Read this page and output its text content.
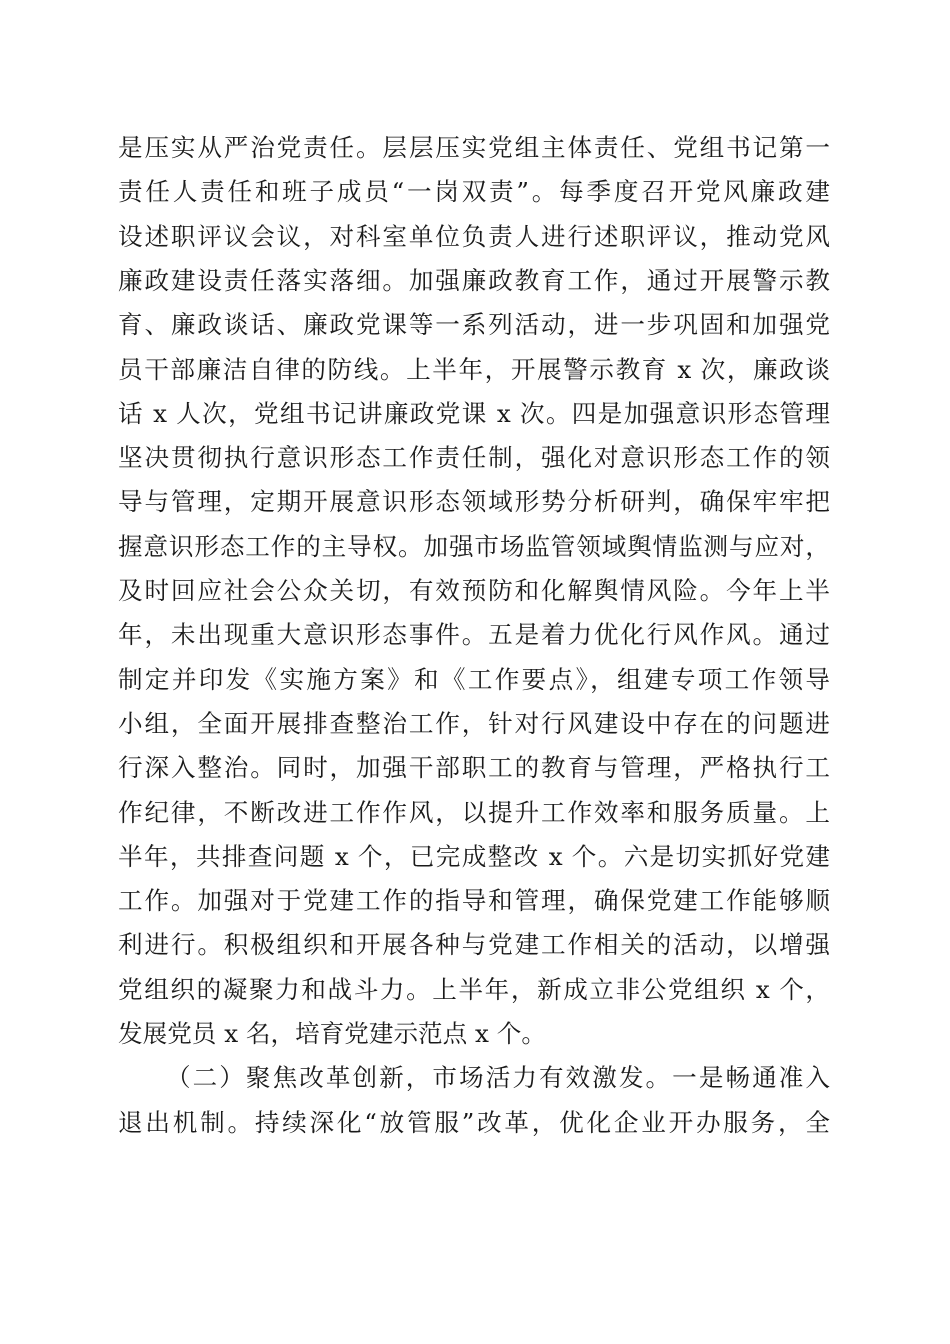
是压实从严治党责任。层层压实党组主体责任、党组书记第一
责任人责任和班子成员“一岗双责”。每季度召开党风廉政建
设述职评议会议，对科室单位负责人进行述职评议，推动党风
廉政建设责任落实落细。加强廉政教育工作，通过开展警示教
育、廉政谈话、廉政党课等一系列活动，进一步巩固和加强党
员干部廉洁自律的防线。上半年，开展警示教育 x 次，廉政谈
话 x 人次，党组书记讲廉政党课 x 次。四是加强意识形态管理
坚决贯彻执行意识形态工作责任制，强化对意识形态工作的领
导与管理，定期开展意识形态领域形势分析研判，确保牢牢把
握意识形态工作的主导权。加强市场监管领域舆情监测与应对，
及时回应社会公众关切，有效预防和化解舆情风险。今年上半
年，未出现重大意识形态事件。五是着力优化行风作风。通过
制定并印发《实施方案》和《工作要点》，组建专项工作领导
小组，全面开展排查整治工作，针对行风建设中存在的问题进
行深入整治。同时，加强干部职工的教育与管理，严格执行工
作纪律，不断改进工作作风，以提升工作效率和服务质量。上
半年，共排查问题 x 个，已完成整改 x 个。六是切实抓好党建
工作。加强对于党建工作的指导和管理，确保党建工作能够顺
利进行。积极组织和开展各种与党建工作相关的活动，以增强
党组织的凝聚力和战斗力。上半年，新成立非公党组织 x 个，
发展党员 x 名，培育党建示范点 x 个。
（二）聚焦改革创新，市场活力有效激发。一是畅通准入
退出机制。持续深化“放管服”改革，优化企业开办服务，全
